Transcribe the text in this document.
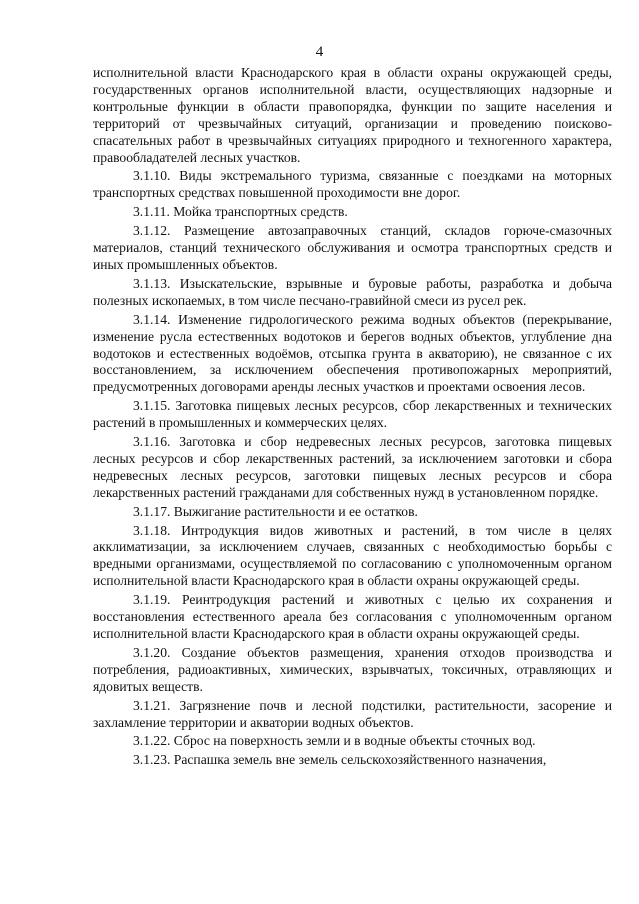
4

исполнительной власти Краснодарского края в области охраны окружающей среды, государственных органов исполнительной власти, осуществляющих надзорные и контрольные функции в области правопорядка, функции по защите населения и территорий от чрезвычайных ситуаций, организации и проведению поисково-спасательных работ в чрезвычайных ситуациях природного и техногенного характера, правообладателей лесных участков.

3.1.10. Виды экстремального туризма, связанные с поездками на моторных транспортных средствах повышенной проходимости вне дорог.

3.1.11. Мойка транспортных средств.

3.1.12. Размещение автозаправочных станций, складов горюче-смазочных материалов, станций технического обслуживания и осмотра транспортных средств и иных промышленных объектов.

3.1.13. Изыскательские, взрывные и буровые работы, разработка и добыча полезных ископаемых, в том числе песчано-гравийной смеси из русел рек.

3.1.14. Изменение гидрологического режима водных объектов (перекрывание, изменение русла естественных водотоков и берегов водных объектов, углубление дна водотоков и естественных водоёмов, отсыпка грунта в акваторию), не связанное с их восстановлением, за исключением обеспечения противопожарных мероприятий, предусмотренных договорами аренды лесных участков и проектами освоения лесов.

3.1.15. Заготовка пищевых лесных ресурсов, сбор лекарственных и технических растений в промышленных и коммерческих целях.

3.1.16. Заготовка и сбор недревесных лесных ресурсов, заготовка пищевых лесных ресурсов и сбор лекарственных растений, за исключением заготовки и сбора недревесных лесных ресурсов, заготовки пищевых лесных ресурсов и сбора лекарственных растений гражданами для собственных нужд в установленном порядке.

3.1.17. Выжигание растительности и ее остатков.

3.1.18. Интродукция видов животных и растений, в том числе в целях акклиматизации, за исключением случаев, связанных с необходимостью борьбы с вредными организмами, осуществляемой по согласованию с уполномоченным органом исполнительной власти Краснодарского края в области охраны окружающей среды.

3.1.19. Реинтродукция растений и животных с целью их сохранения и восстановления естественного ареала без согласования с уполномоченным органом исполнительной власти Краснодарского края в области охраны окружающей среды.

3.1.20. Создание объектов размещения, хранения отходов производства и потребления, радиоактивных, химических, взрывчатых, токсичных, отравляющих и ядовитых веществ.

3.1.21. Загрязнение почв и лесной подстилки, растительности, засорение и захламление территории и акватории водных объектов.

3.1.22. Сброс на поверхность земли и в водные объекты сточных вод.

3.1.23. Распашка земель вне земель сельскохозяйственного назначения,
